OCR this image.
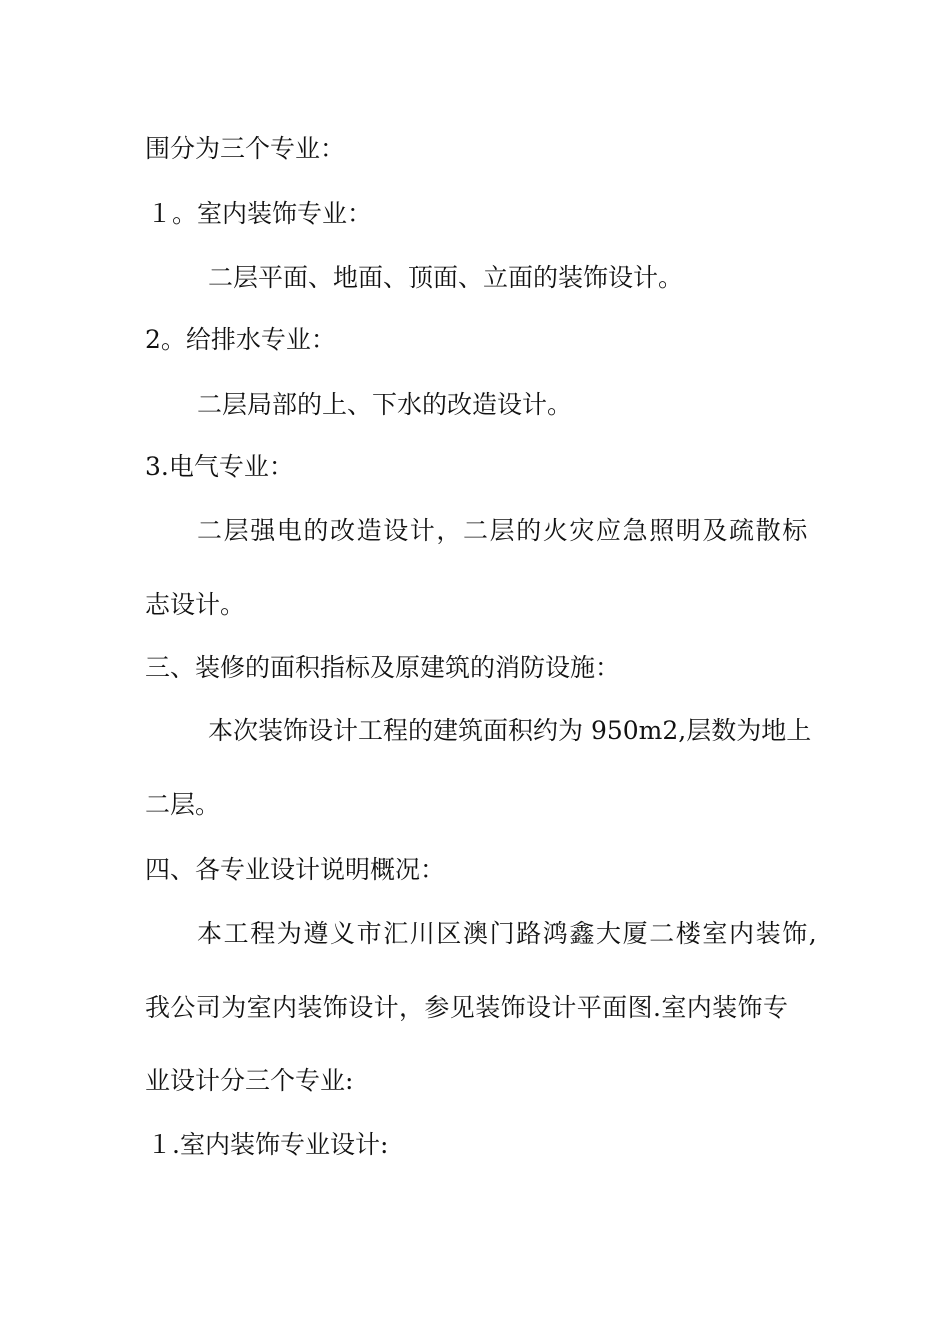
围分为三个专业：
１。室内装饰专业：
二层平面、地面、顶面、立面的装饰设计。
2。给排水专业：
二层局部的上、下水的改造设计。
3.电气专业：
二层强电的改造设计，二层的火灾应急照明及疏散标
志设计。
三、装修的面积指标及原建筑的消防设施：
本次装饰设计工程的建筑面积约为 950m2,层数为地上
二层。
四、各专业设计说明概况：
本工程为遵义市汇川区澳门路鸿鑫大厦二楼室内装饰,
我公司为室内装饰设计，参见装饰设计平面图.室内装饰专
业设计分三个专业:
１.室内装饰专业设计:
